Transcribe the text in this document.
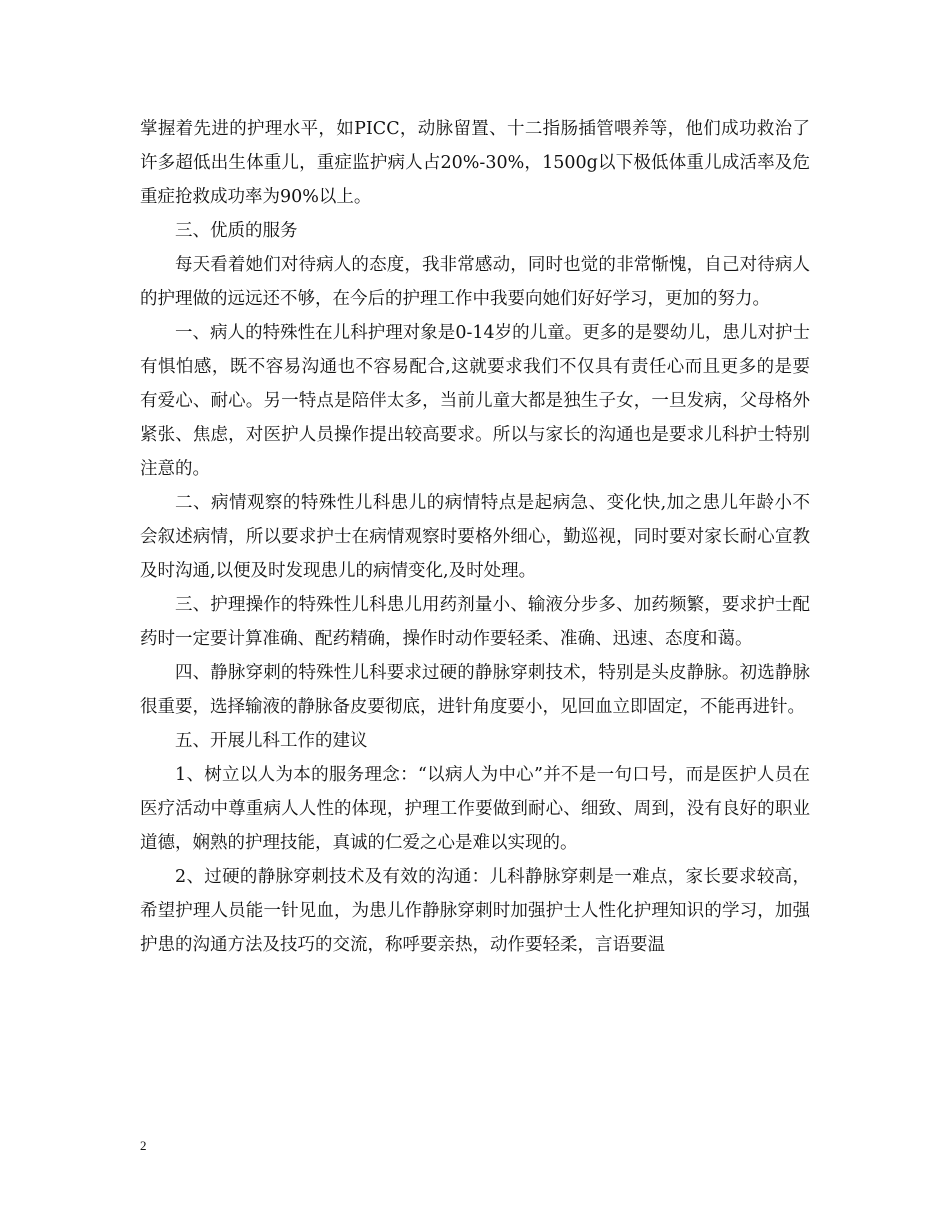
掌握着先进的护理水平，如PICC，动脉留置、十二指肠插管喂养等，他们成功救治了许多超低出生体重儿，重症监护病人占20%-30%，1500g以下极低体重儿成活率及危重症抢救成功率为90%以上。

三、优质的服务

每天看着她们对待病人的态度，我非常感动，同时也觉的非常惭愧，自己对待病人的护理做的远远还不够，在今后的护理工作中我要向她们好好学习，更加的努力。

一、病人的特殊性在儿科护理对象是0-14岁的儿童。更多的是婴幼儿，患儿对护士有惧怕感，既不容易沟通也不容易配合,这就要求我们不仅具有责任心而且更多的是要有爱心、耐心。另一特点是陪伴太多，当前儿童大都是独生子女，一旦发病，父母格外紧张、焦虑，对医护人员操作提出较高要求。所以与家长的沟通也是要求儿科护士特别注意的。

二、病情观察的特殊性儿科患儿的病情特点是起病急、变化快,加之患儿年龄小不会叙述病情，所以要求护士在病情观察时要格外细心，勤巡视，同时要对家长耐心宣教及时沟通,以便及时发现患儿的病情变化,及时处理。

三、护理操作的特殊性儿科患儿用药剂量小、输液分步多、加药频繁，要求护士配药时一定要计算准确、配药精确，操作时动作要轻柔、准确、迅速、态度和蔼。

四、静脉穿刺的特殊性儿科要求过硬的静脉穿刺技术，特别是头皮静脉。初选静脉很重要，选择输液的静脉备皮要彻底，进针角度要小，见回血立即固定，不能再进针。

五、开展儿科工作的建议

1、树立以人为本的服务理念：“以病人为中心”并不是一句口号，而是医护人员在医疗活动中尊重病人人性的体现，护理工作要做到耐心、细致、周到，没有良好的职业道德，娴熟的护理技能，真诚的仁爱之心是难以实现的。

2、过硬的静脉穿刺技术及有效的沟通：儿科静脉穿刺是一难点，家长要求较高，希望护理人员能一针见血，为患儿作静脉穿刺时加强护士人性化护理知识的学习，加强护患的沟通方法及技巧的交流，称呼要亲热，动作要轻柔，言语要温

2
